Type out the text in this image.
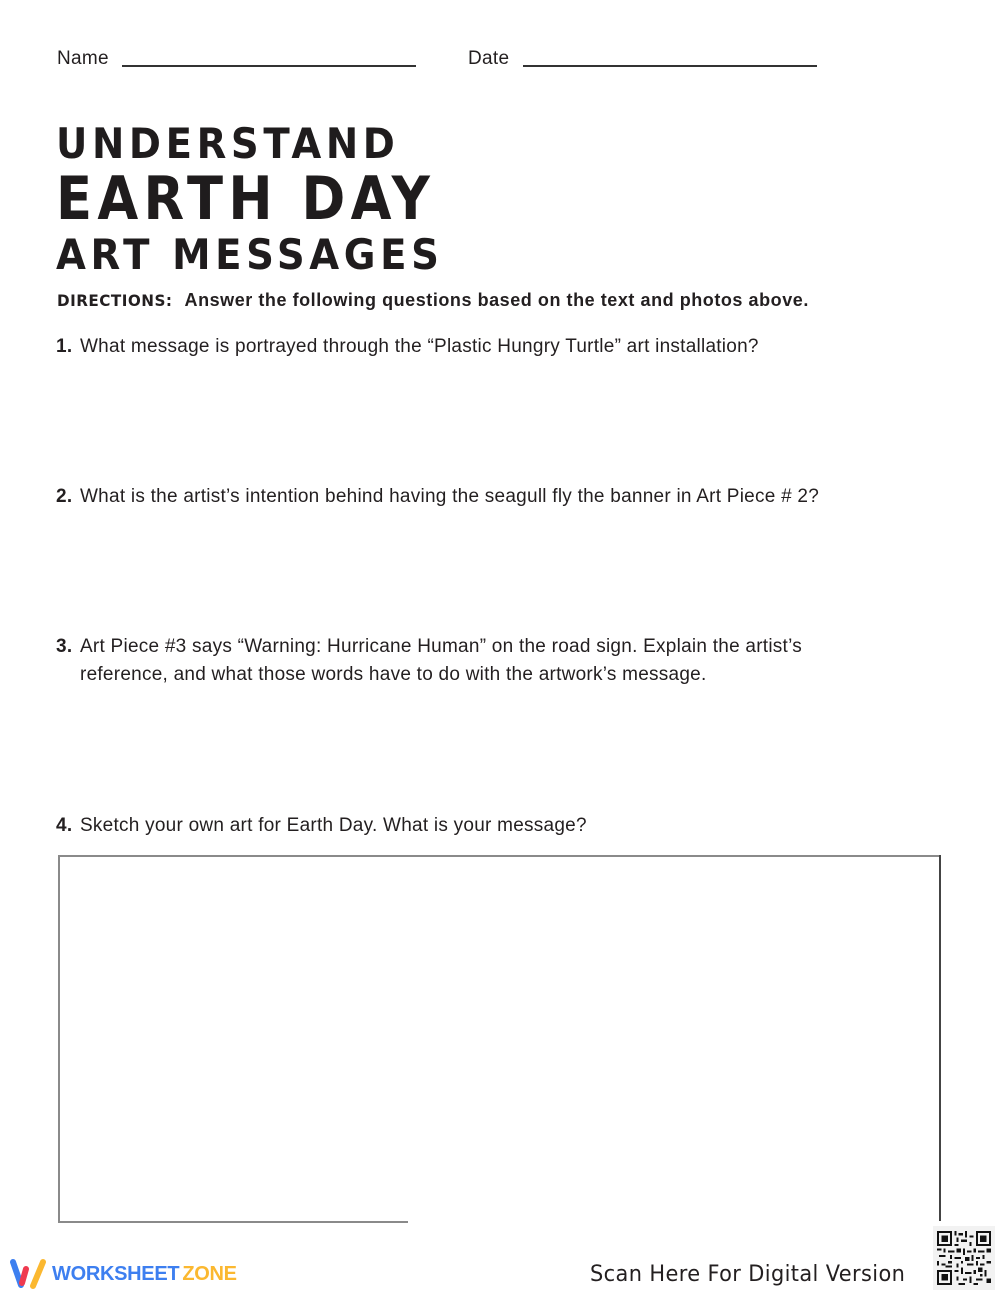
Name	Date
UNDERSTAND
EARTH DAY
ART MESSAGES
DIRECTIONS: Answer the following questions based on the text and photos above.
1. What message is portrayed through the “Plastic Hungry Turtle” art installation?
2. What is the artist’s intention behind having the seagull fly the banner in Art Piece # 2?
3. Art Piece #3 says “Warning: Hurricane Human” on the road sign. Explain the artist’s
reference, and what those words have to do with the artwork’s message.
4. Sketch your own art for Earth Day. What is your message?
WORKSHEET ZONE	Scan Here For Digital Version
